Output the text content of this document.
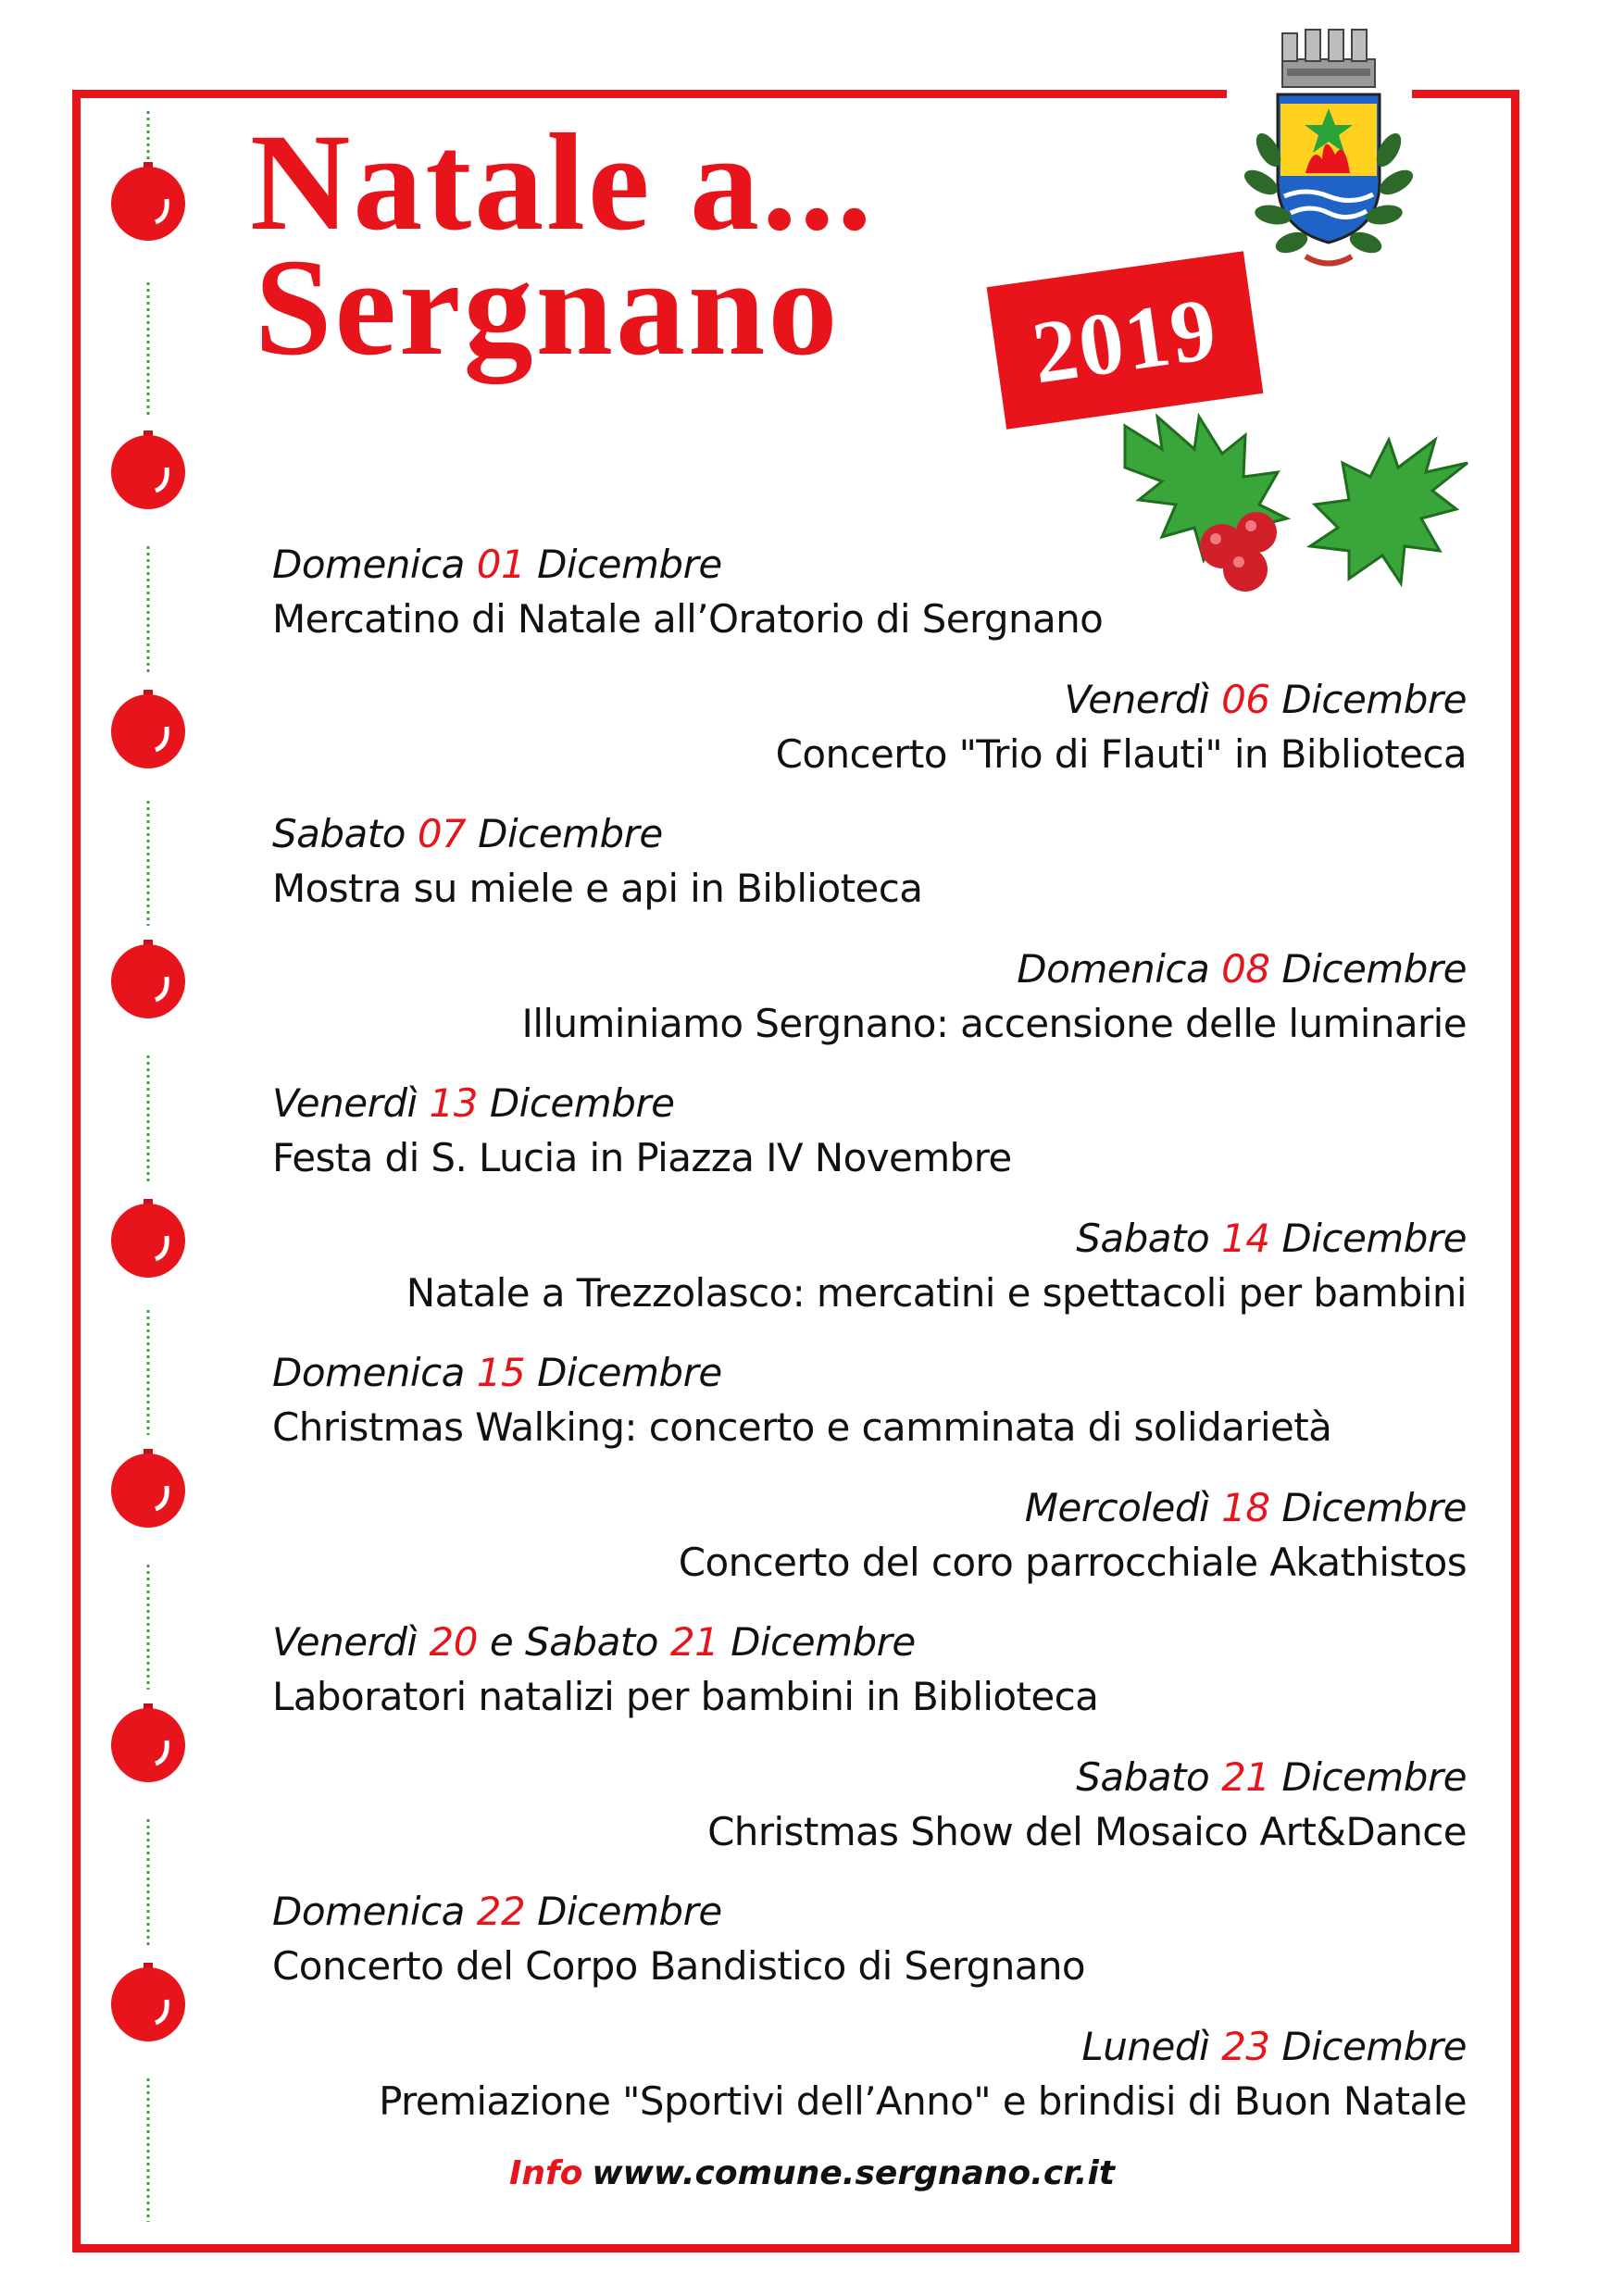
Natale a...
Sergnano	2019
Domenica 01 Dicembre
Mercatino di Natale all’Oratorio di Sergnano
Venerdì 06 Dicembre
Concerto "Trio di Flauti" in Biblioteca
Sabato 07 Dicembre
Mostra su miele e api in Biblioteca
Domenica 08 Dicembre
Illuminiamo Sergnano: accensione delle luminarie
Venerdì 13 Dicembre
Festa di S. Lucia in Piazza IV Novembre
Sabato 14 Dicembre
Natale a Trezzolasco: mercatini e spettacoli per bambini
Domenica 15 Dicembre
Christmas Walking: concerto e camminata di solidarietà
Mercoledì 18 Dicembre
Concerto del coro parrocchiale Akathistos
Venerdì 20 e Sabato 21 Dicembre
Laboratori natalizi per bambini in Biblioteca
Sabato 21 Dicembre
Christmas Show del Mosaico Art&Dance
Domenica 22 Dicembre
Concerto del Corpo Bandistico di Sergnano
Lunedì 23 Dicembre
Premiazione "Sportivi dell’Anno" e brindisi di Buon Natale
Info www.comune.sergnano.cr.it
